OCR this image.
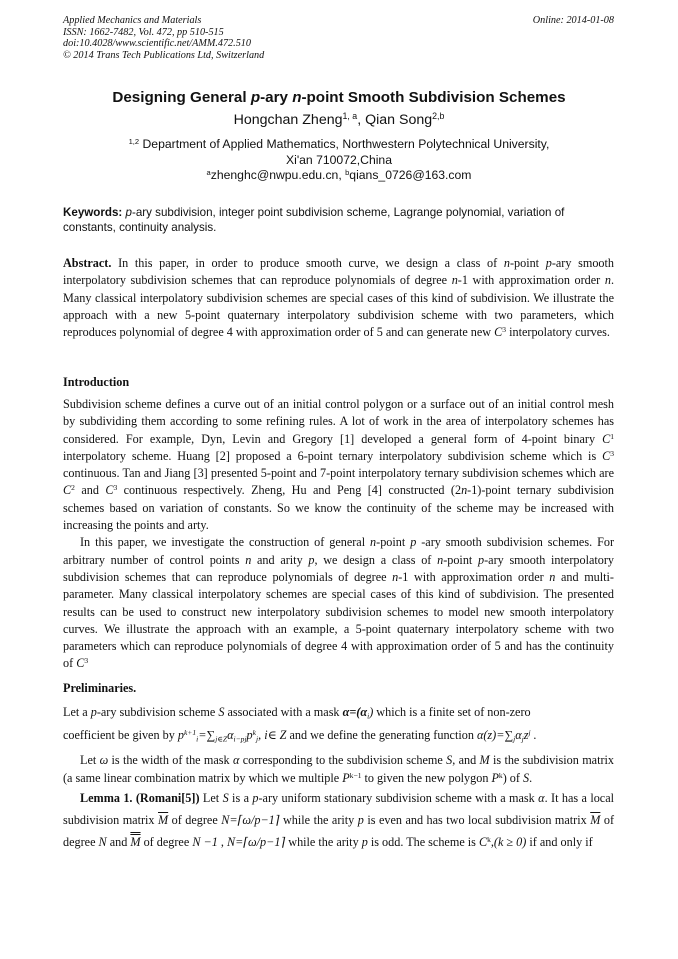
Applied Mechanics and Materials
ISSN: 1662-7482, Vol. 472, pp 510-515
doi:10.4028/www.scientific.net/AMM.472.510
© 2014 Trans Tech Publications Ltd, Switzerland
Online: 2014-01-08
Designing General p-ary n-point Smooth Subdivision Schemes
Hongchan Zheng$^{1, a}$, Qian Song$^{2,b}$
$^{1,2}$ Department of Applied Mathematics, Northwestern Polytechnical University,
Xi'an 710072,China
$^a$zhenghc@nwpu.edu.cn, $^b$qians_0726@163.com
Keywords: p-ary subdivision, integer point subdivision scheme, Lagrange polynomial, variation of constants, continuity analysis.

Abstract. In this paper, in order to produce smooth curve, we design a class of n-point p-ary smooth interpolatory subdivision schemes that can reproduce polynomials of degree n-1 with approximation order n. Many classical interpolatory subdivision schemes are special cases of this kind of subdivision. We illustrate the approach with a new 5-point quaternary interpolatory subdivision scheme with two parameters, which reproduces polynomial of degree 4 with approximation order of 5 and can generate new $C^3$ interpolatory curves.

Introduction

Subdivision scheme defines a curve out of an initial control polygon or a surface out of an initial control mesh by subdividing them according to some refining rules. A lot of work in the area of interpolatory schemes has considered. For example, Dyn, Levin and Gregory [1] developed a general form of 4-point binary $C^1$ interpolatory scheme. Huang [2] proposed a 6-point ternary interpolatory subdivision scheme which is $C^3$ continuous. Tan and Jiang [3] presented 5-point and 7-point interpolatory ternary subdivision schemes which are $C^2$ and $C^3$ continuous respectively. Zheng, Hu and Peng [4] constructed (2n-1)-point ternary subdivision schemes based on variation of constants. So we know the continuity of the scheme may be increased with increasing the points and arty.

In this paper, we investigate the construction of general n-point p -ary smooth subdivision schemes. For arbitrary number of control points n and arity p, we design a class of n-point p-ary smooth interpolatory subdivision schemes that can reproduce polynomials of degree n-1 with approximation order n and multi-parameter. Many classical interpolatory schemes are special cases of this kind of subdivision. The presented results can be used to construct new interpolatory subdivision schemes to model new smooth interpolatory curves. We illustrate the approach with an example, a 5-point quaternary interpolatory scheme with two parameters which can reproduce polynomials of degree 4 with approximation order of 5 and has the continuity of $C^3$

Preliminaries.

Let a p-ary subdivision scheme S associated with a mask $\alpha=(\alpha_i)$ which is a finite set of non-zero

coefficient be given by $p^{k+1}_i=\sum_{j\in Z}\alpha_{i-pj}p^k_j$, i∈ Z and we define the generating function $\alpha(z)=\sum_j\alpha_jz^j$ .

Let ω is the width of the mask α corresponding to the subdivision scheme S, and M is the subdivision matrix (a same linear combination matrix by which we multiple $P^{k-1}$ to given the new polygon $P^k$) of S.

Lemma 1. (Romani[5]) Let S is a p-ary uniform stationary subdivision scheme with a mask α. It has a local subdivision matrix $\overline{M}$ of degree N=⌈ω/p−1⌉ while the arity p is even and has two local subdivision matrix $\overline{M}$ of degree N and M of degree N −1 , N=⌈ω/p−1⌉ while the arity p is odd. The scheme is $C^k,(k \ge 0)$ if and only if
